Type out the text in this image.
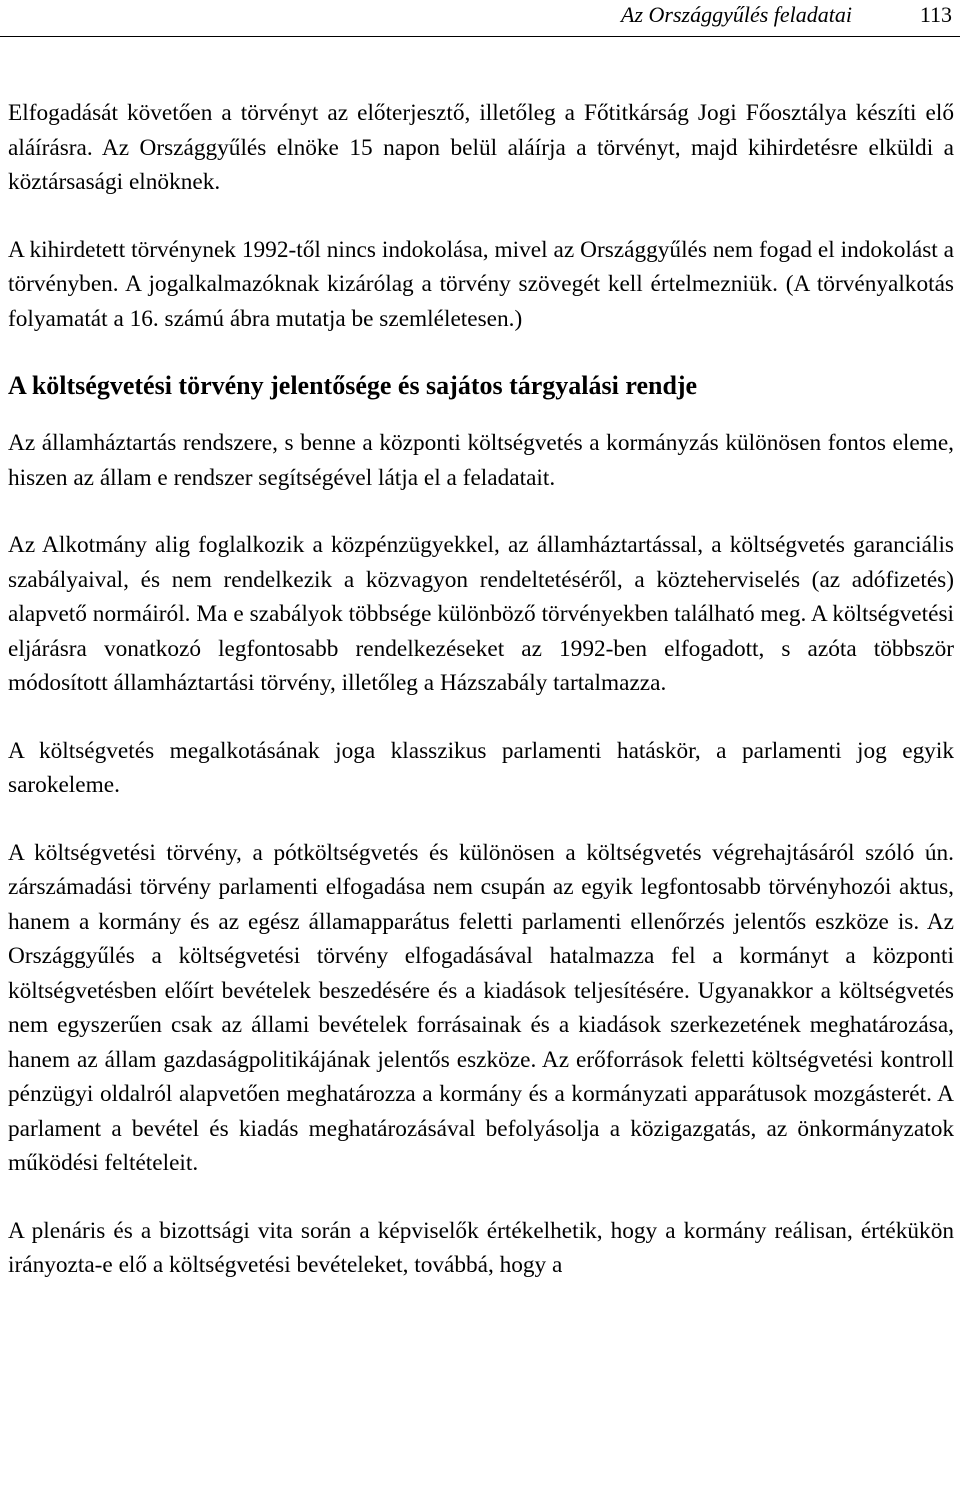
Az Országgyűlés feladatai	113

Elfogadását követően a törvényt az előterjesztő, illetőleg a Főtitkárság Jogi Főosztálya készíti elő aláírásra. Az Országgyűlés elnöke 15 napon belül aláírja a törvényt, majd kihirdetésre elküldi a köztársasági elnöknek.

A kihirdetett törvénynek 1992-től nincs indokolása, mivel az Országgyűlés nem fogad el indokolást a törvényben. A jogalkalmazóknak kizárólag a törvény szövegét kell értelmezniük. (A törvényalkotás folyamatát a 16. számú ábra mutatja be szemléletesen.)

A költségvetési törvény jelentősége és sajátos tárgyalási rendje

Az államháztartás rendszere, s benne a központi költségvetés a kormányzás különösen fontos eleme, hiszen az állam e rendszer segítségével látja el a feladatait.

Az Alkotmány alig foglalkozik a közpénzügyekkel, az államháztartással, a költségvetés garanciális szabályaival, és nem rendelkezik a közvagyon rendeltetéséről, a közteherviselés (az adófizetés) alapvető normáiról. Ma e szabályok többsége különböző törvényekben található meg. A költségvetési eljárásra vonatkozó legfontosabb rendelkezéseket az 1992-ben elfogadott, s azóta többször módosított államháztartási törvény, illetőleg a Házszabály tartalmazza.

A költségvetés megalkotásának joga klasszikus parlamenti hatáskör, a parlamenti jog egyik sarokeleme.

A költségvetési törvény, a pótköltségvetés és különösen a költségvetés végrehajtásáról szóló ún. zárszámadási törvény parlamenti elfogadása nem csupán az egyik legfontosabb törvényhozói aktus, hanem a kormány és az egész államapparátus feletti parlamenti ellenőrzés jelentős eszköze is. Az Országgyűlés a költségvetési törvény elfogadásával hatalmazza fel a kormányt a központi költségvetésben előírt bevételek beszedésére és a kiadások teljesítésére. Ugyanakkor a költségvetés nem egyszerűen csak az állami bevételek forrásainak és a kiadások szerkezetének meghatározása, hanem az állam gazdaságpolitikájának jelentős eszköze. Az erőforrások feletti költségvetési kontroll pénzügyi oldalról alapvetően meghatározza a kormány és a kormányzati apparátusok mozgásterét. A parlament a bevétel és kiadás meghatározásával befolyásolja a közigazgatás, az önkormányzatok működési feltételeit.

A plenáris és a bizottsági vita során a képviselők értékelhetik, hogy a kormány reálisan, értékükön irányozta-e elő a költségvetési bevételeket, továbbá, hogy a
